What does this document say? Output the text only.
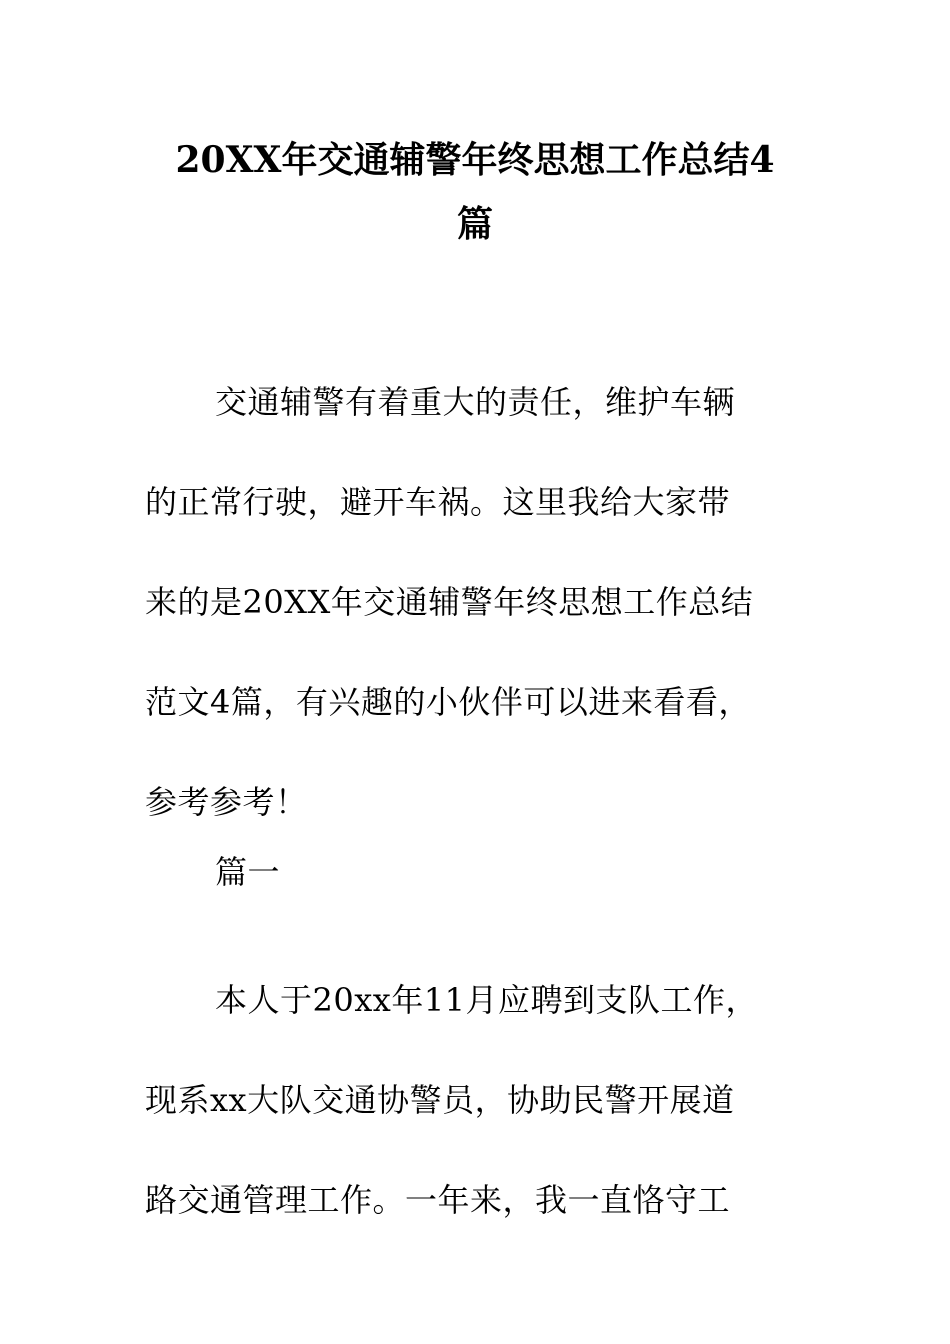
20XX年交通辅警年终思想工作总结4
篇
交通辅警有着重大的责任，维护车辆
的正常行驶，避开车祸。这里我给大家带
来的是20XX年交通辅警年终思想工作总结
范文4篇，有兴趣的小伙伴可以进来看看，
参考参考！
篇一
本人于20xx年11月应聘到支队工作，
现系xx大队交通协警员，协助民警开展道
路交通管理工作。一年来，我一直恪守工
